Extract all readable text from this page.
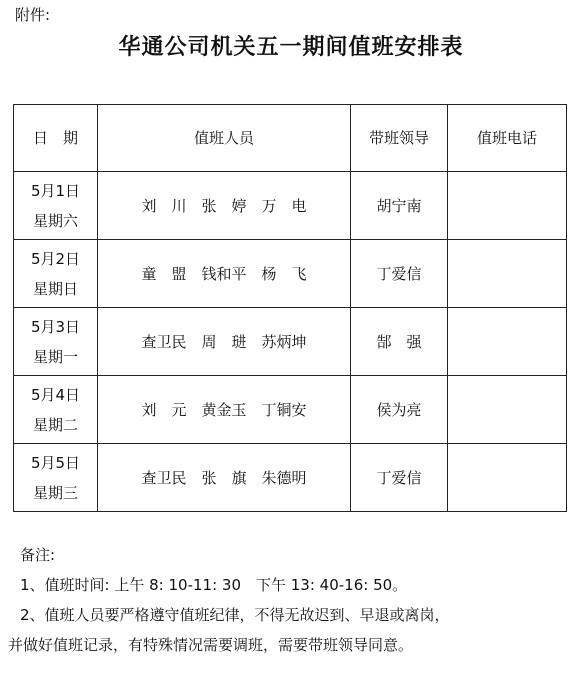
附件:
华通公司机关五一期间值班安排表
日　期	值班人员	带班领导	值班电话

5月1日
星期六	刘　川　张　婷　万　电	胡宁南	

5月2日
星期日	童　盟　钱和平　杨　飞	丁爱信	

5月3日
星期一	查卫民　周　琎　苏炳坤	郜　强	

5月4日
星期二	刘　元　黄金玉　丁铜安	侯为亮	

5月5日
星期三	查卫民　张　旗　朱德明	丁爱信	
备注:
1、值班时间: 上午 8: 10-11: 30　下午 13: 40-16: 50。
2、值班人员要严格遵守值班纪律，不得无故迟到、早退或离岗，
并做好值班记录，有特殊情况需要调班，需要带班领导同意。
